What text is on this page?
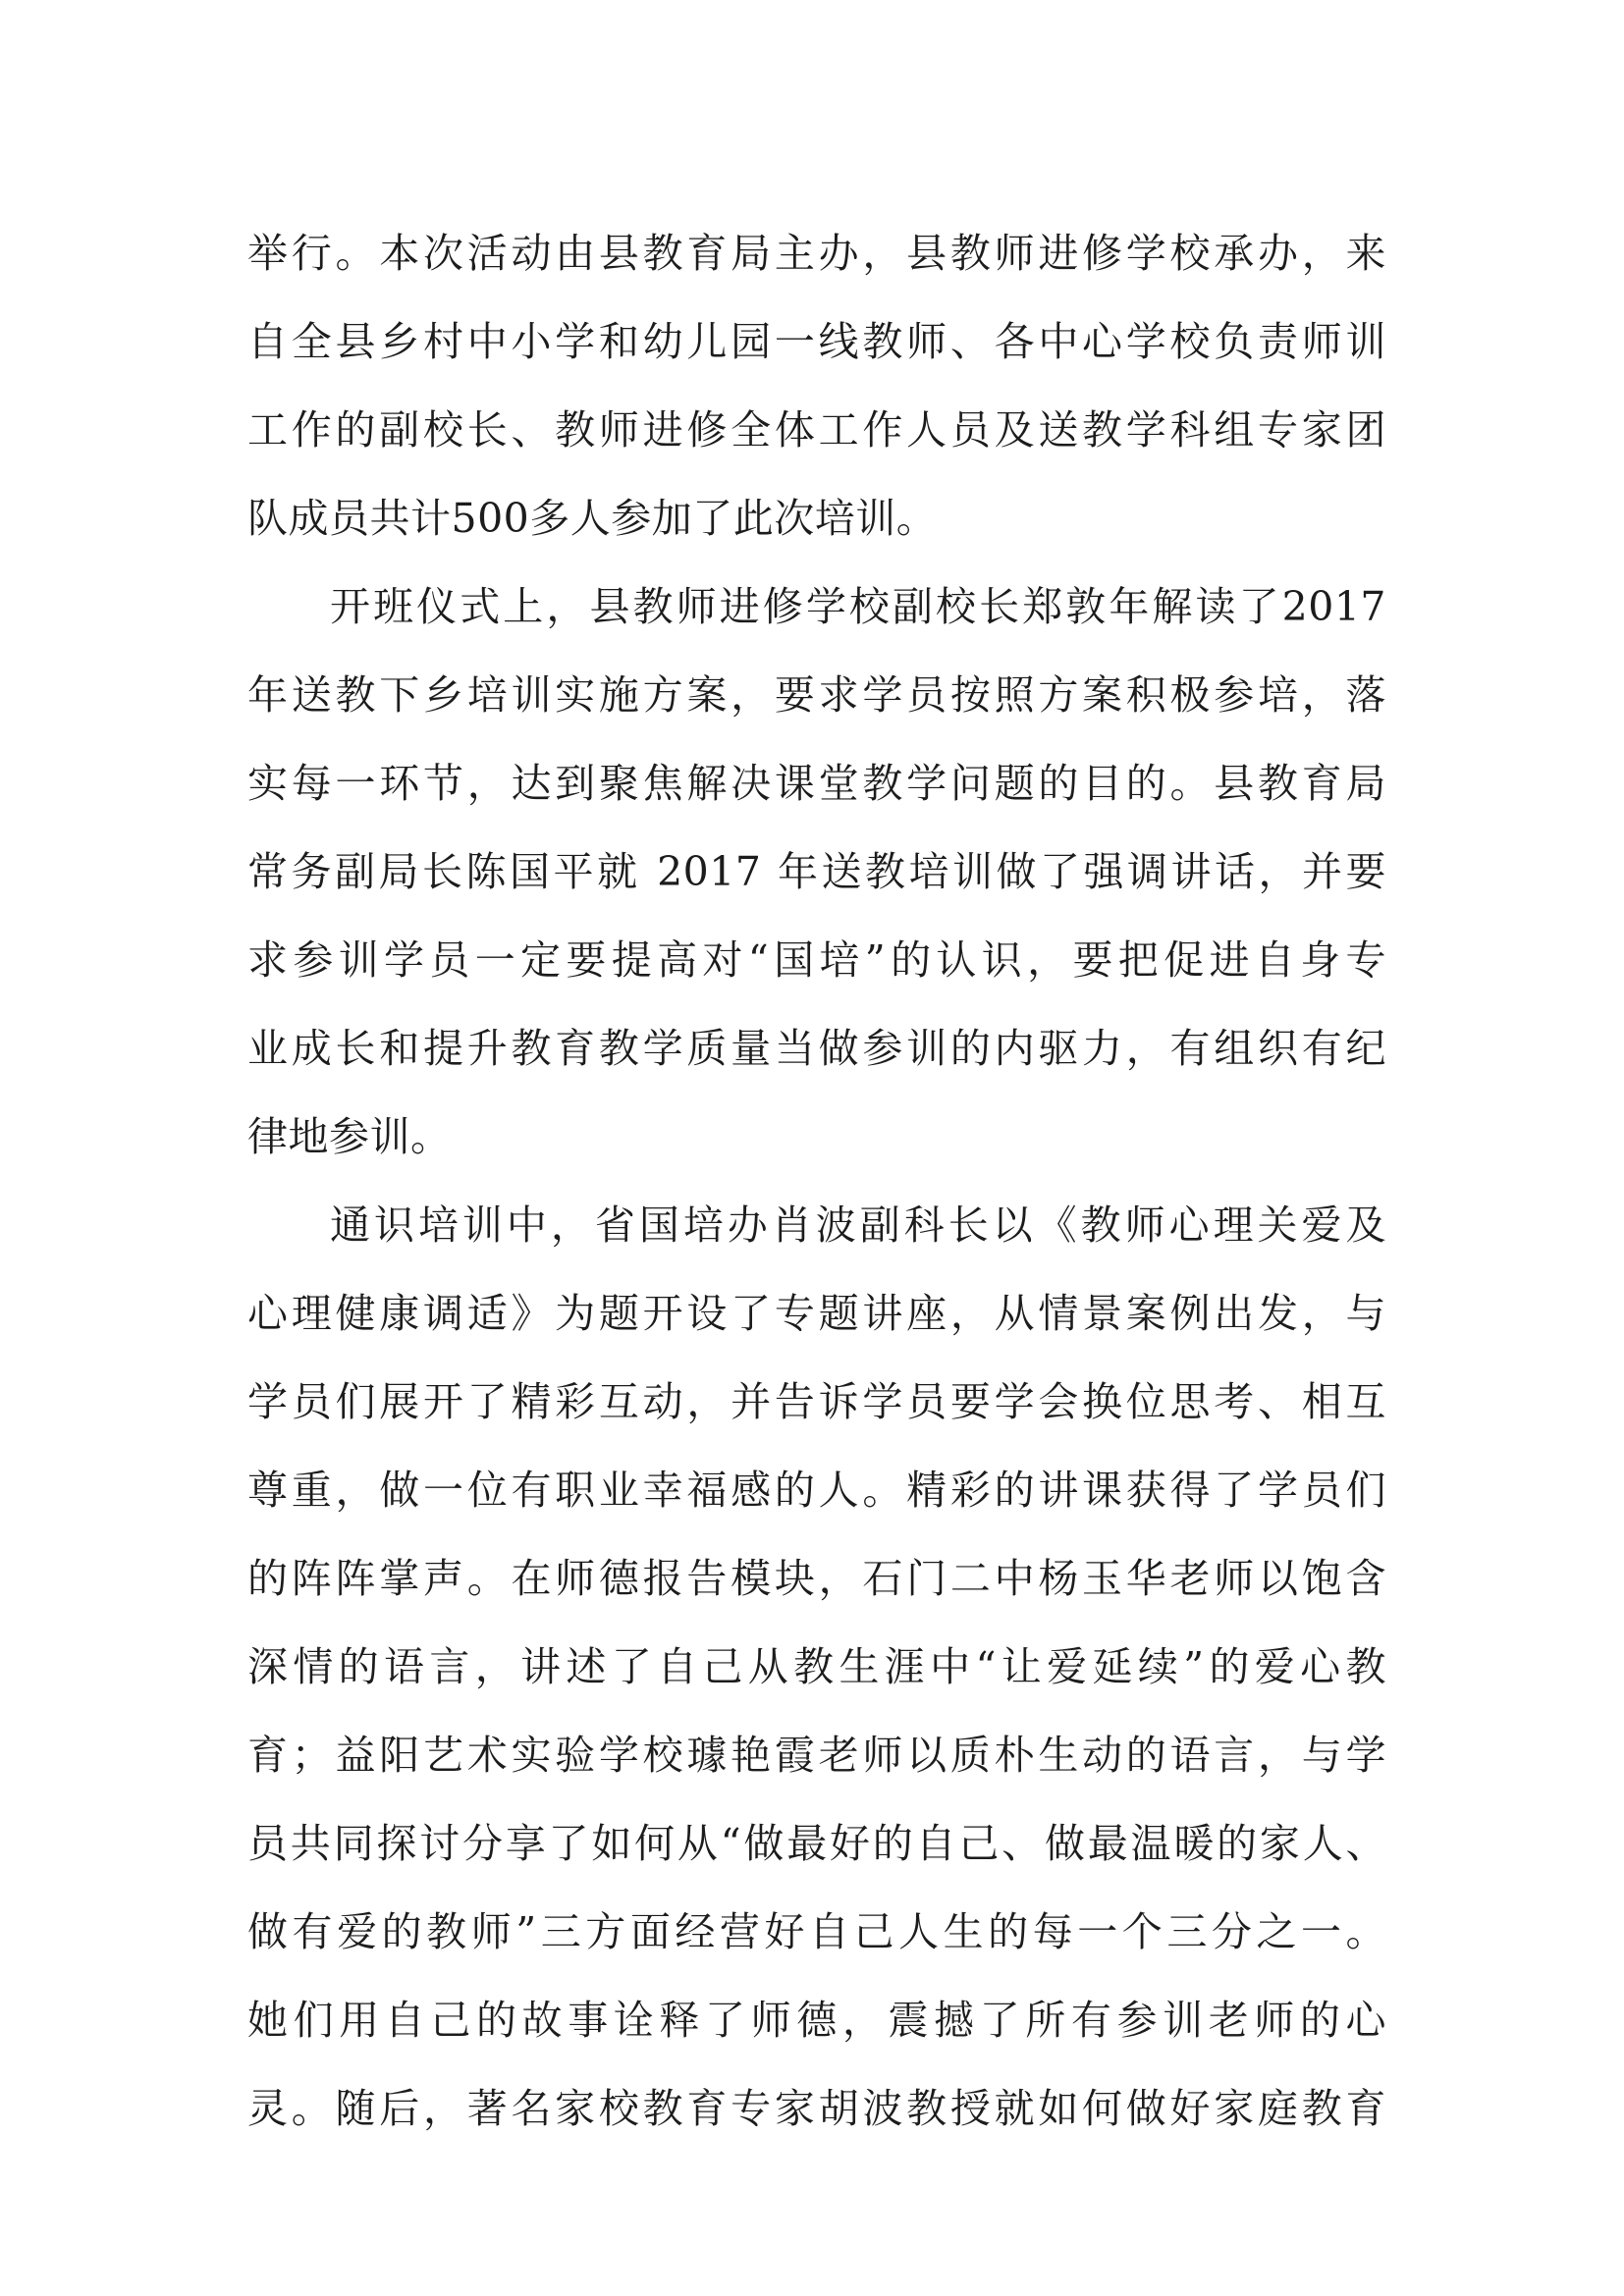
举行。本次活动由县教育局主办，县教师进修学校承办，来
自全县乡村中小学和幼儿园一线教师、各中心学校负责师训
工作的副校长、教师进修全体工作人员及送教学科组专家团
队成员共计500多人参加了此次培训。
开班仪式上，县教师进修学校副校长郑敦年解读了2017
年送教下乡培训实施方案，要求学员按照方案积极参培，落
实每一环节，达到聚焦解决课堂教学问题的目的。县教育局
常务副局长陈国平就 2017 年送教培训做了强调讲话，并要
求参训学员一定要提高对“国培”的认识，要把促进自身专
业成长和提升教育教学质量当做参训的内驱力，有组织有纪
律地参训。
通识培训中，省国培办肖波副科长以《教师心理关爱及
心理健康调适》为题开设了专题讲座，从情景案例出发，与
学员们展开了精彩互动，并告诉学员要学会换位思考、相互
尊重，做一位有职业幸福感的人。精彩的讲课获得了学员们
的阵阵掌声。在师德报告模块，石门二中杨玉华老师以饱含
深情的语言，讲述了自己从教生涯中“让爱延续”的爱心教
育；益阳艺术实验学校璩艳霞老师以质朴生动的语言，与学
员共同探讨分享了如何从“做最好的自己、做最温暖的家人、
做有爱的教师”三方面经营好自己人生的每一个三分之一。
她们用自己的故事诠释了师德，震撼了所有参训老师的心
灵。随后，著名家校教育专家胡波教授就如何做好家庭教育
